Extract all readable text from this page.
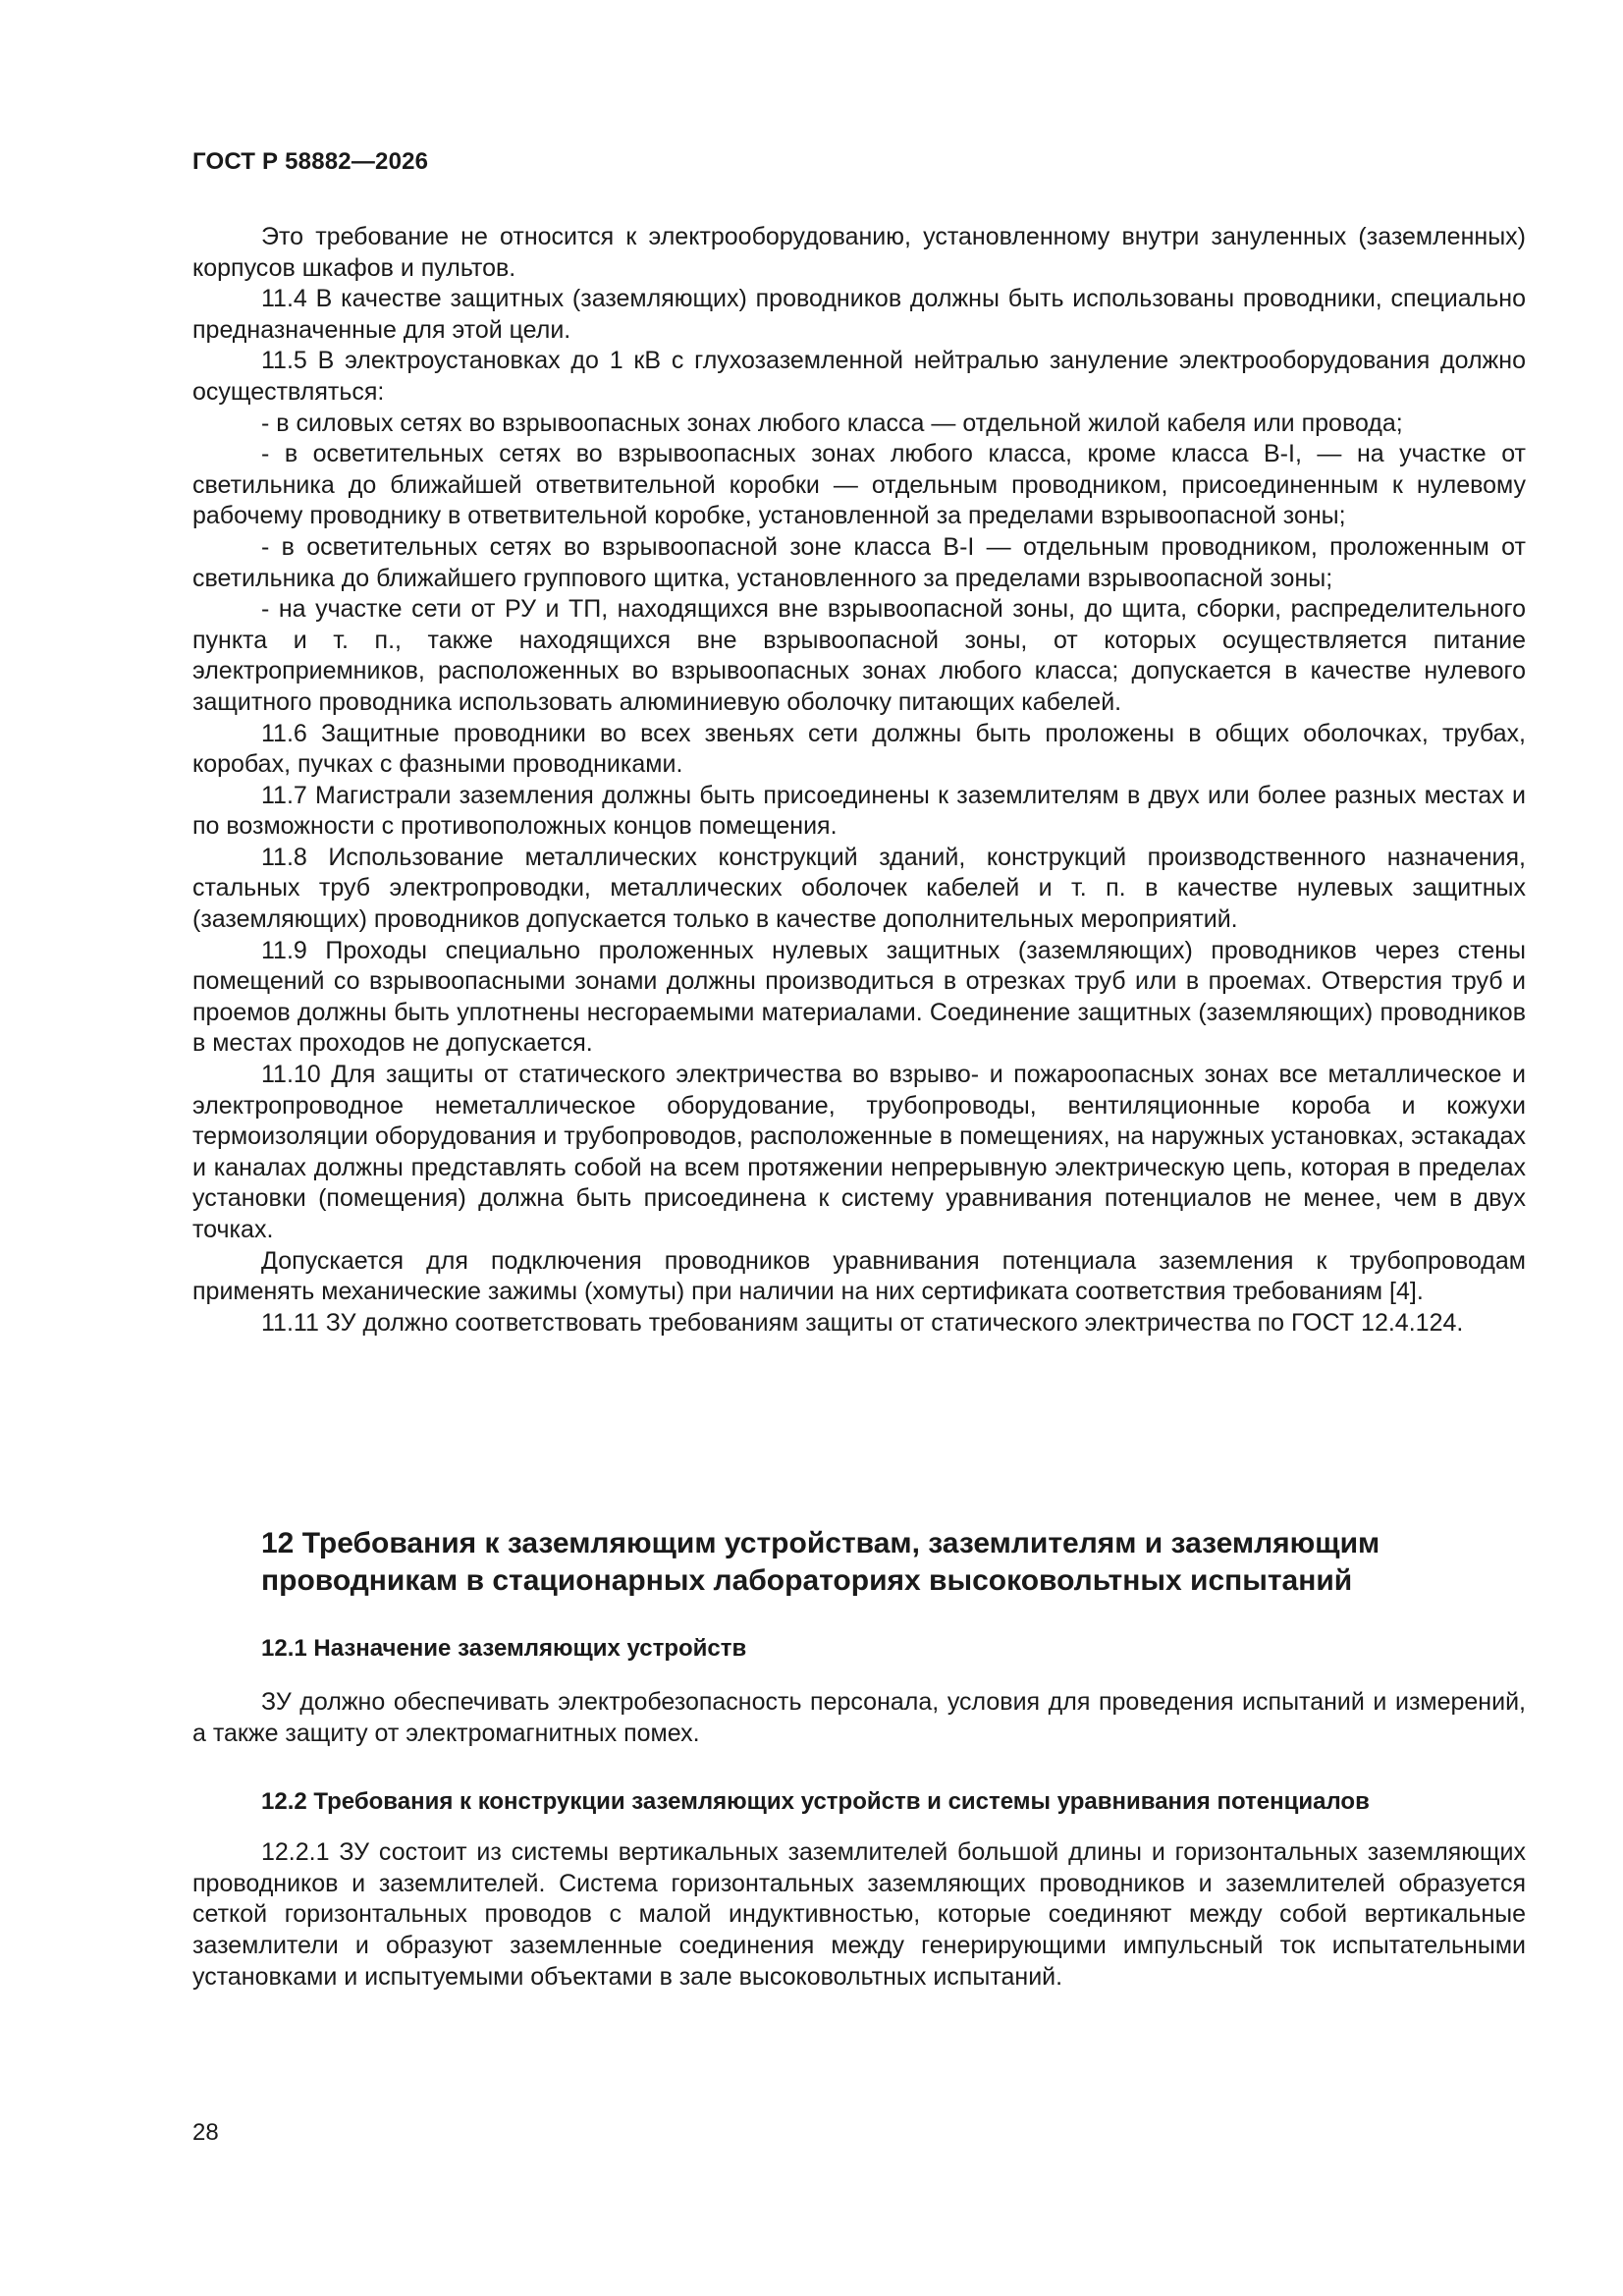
ГОСТ Р 58882—2026

Это требование не относится к электрооборудованию, установленному внутри зануленных (заземленных) корпусов шкафов и пультов.

11.4 В качестве защитных (заземляющих) проводников должны быть использованы проводники, специально предназначенные для этой цели.

11.5 В электроустановках до 1 кВ с глухозаземленной нейтралью зануление электрооборудования должно осуществляться:

- в силовых сетях во взрывоопасных зонах любого класса — отдельной жилой кабеля или провода;

- в осветительных сетях во взрывоопасных зонах любого класса, кроме класса В-I, — на участке от светильника до ближайшей ответвительной коробки — отдельным проводником, присоединенным к нулевому рабочему проводнику в ответвительной коробке, установленной за пределами взрывоопасной зоны;

- в осветительных сетях во взрывоопасной зоне класса В-I — отдельным проводником, проложенным от светильника до ближайшего группового щитка, установленного за пределами взрывоопасной зоны;

- на участке сети от РУ и ТП, находящихся вне взрывоопасной зоны, до щита, сборки, распределительного пункта и т. п., также находящихся вне взрывоопасной зоны, от которых осуществляется питание электроприемников, расположенных во взрывоопасных зонах любого класса; допускается в качестве нулевого защитного проводника использовать алюминиевую оболочку питающих кабелей.

11.6 Защитные проводники во всех звеньях сети должны быть проложены в общих оболочках, трубах, коробах, пучках с фазными проводниками.

11.7 Магистрали заземления должны быть присоединены к заземлителям в двух или более разных местах и по возможности с противоположных концов помещения.

11.8 Использование металлических конструкций зданий, конструкций производственного назначения, стальных труб электропроводки, металлических оболочек кабелей и т. п. в качестве нулевых защитных (заземляющих) проводников допускается только в качестве дополнительных мероприятий.

11.9 Проходы специально проложенных нулевых защитных (заземляющих) проводников через стены помещений со взрывоопасными зонами должны производиться в отрезках труб или в проемах. Отверстия труб и проемов должны быть уплотнены несгораемыми материалами. Соединение защитных (заземляющих) проводников в местах проходов не допускается.

11.10 Для защиты от статического электричества во взрыво- и пожароопасных зонах все металлическое и электропроводное неметаллическое оборудование, трубопроводы, вентиляционные короба и кожухи термоизоляции оборудования и трубопроводов, расположенные в помещениях, на наружных установках, эстакадах и каналах должны представлять собой на всем протяжении непрерывную электрическую цепь, которая в пределах установки (помещения) должна быть присоединена к систему уравнивания потенциалов не менее, чем в двух точках.

Допускается для подключения проводников уравнивания потенциала заземления к трубопроводам применять механические зажимы (хомуты) при наличии на них сертификата соответствия требованиям [4].

11.11 ЗУ должно соответствовать требованиям защиты от статического электричества по ГОСТ 12.4.124.

12 Требования к заземляющим устройствам, заземлителям и заземляющим проводникам в стационарных лабораториях высоковольтных испытаний
12.1 Назначение заземляющих устройств

ЗУ должно обеспечивать электробезопасность персонала, условия для проведения испытаний и измерений, а также защиту от электромагнитных помех.

12.2 Требования к конструкции заземляющих устройств и системы уравнивания потенциалов

12.2.1 ЗУ состоит из системы вертикальных заземлителей большой длины и горизонтальных заземляющих проводников и заземлителей. Система горизонтальных заземляющих проводников и заземлителей образуется сеткой горизонтальных проводов с малой индуктивностью, которые соединяют между собой вертикальные заземлители и образуют заземленные соединения между генерирующими импульсный ток испытательными установками и испытуемыми объектами в зале высоковольтных испытаний.

28
